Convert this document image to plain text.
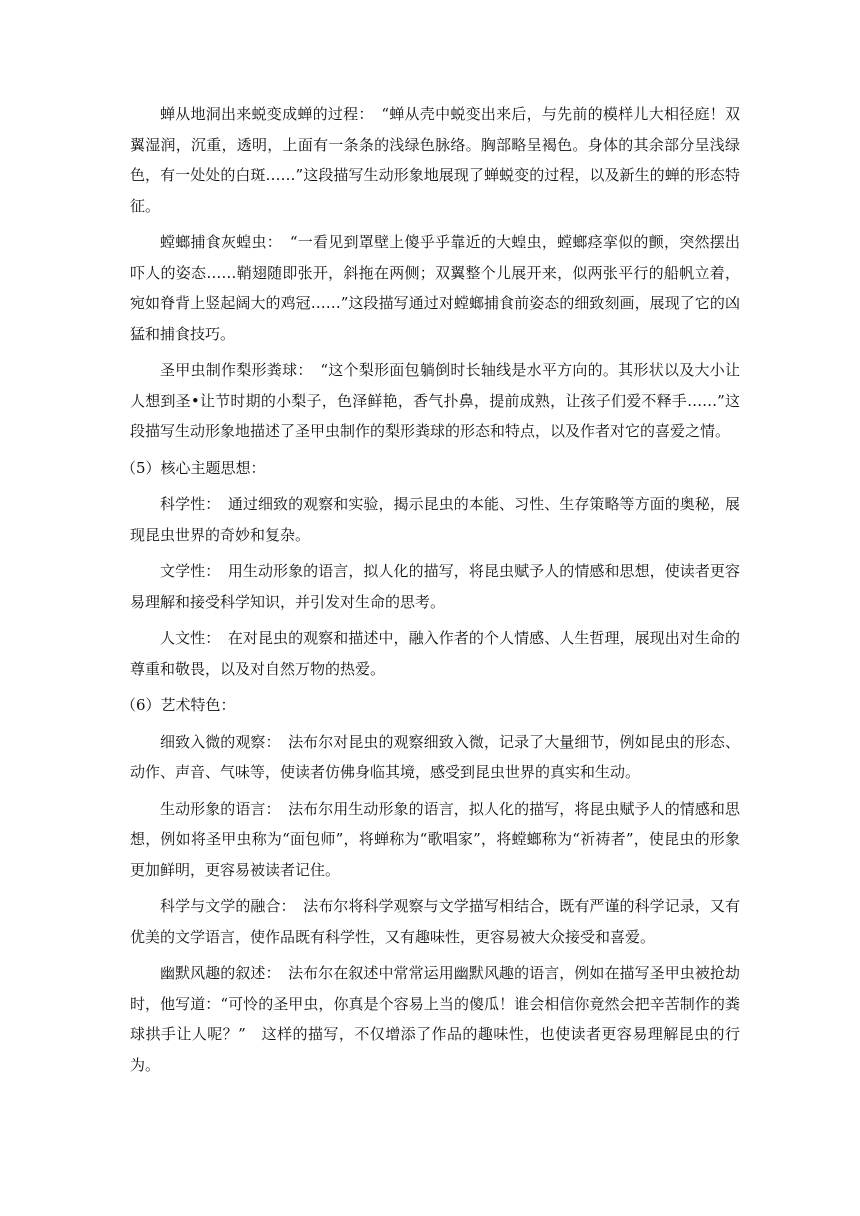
蝉从地洞出来蜕变成蝉的过程：　“蝉从壳中蜕变出来后，与先前的模样儿大相径庭！双翼湿润，沉重，透明，上面有一条条的浅绿色脉络。胸部略呈褐色。身体的其余部分呈浅绿色，有一处处的白斑……”这段描写生动形象地展现了蝉蜕变的过程，以及新生的蝉的形态特征。

螳螂捕食灰蝗虫：　“一看见到罩壁上傻乎乎靠近的大蝗虫，螳螂痉挛似的颤，突然摆出吓人的姿态……鞘翅随即张开，斜拖在两侧；双翼整个儿展开来，似两张平行的船帆立着，宛如脊背上竖起阔大的鸡冠……”这段描写通过对螳螂捕食前姿态的细致刻画，展现了它的凶猛和捕食技巧。

圣甲虫制作梨形粪球：　“这个梨形面包躺倒时长轴线是水平方向的。其形状以及大小让人想到圣•让节时期的小梨子，色泽鲜艳，香气扑鼻，提前成熟，让孩子们爱不释手……”这段描写生动形象地描述了圣甲虫制作的梨形粪球的形态和特点，以及作者对它的喜爱之情。

（5）核心主题思想：

科学性：　通过细致的观察和实验，揭示昆虫的本能、习性、生存策略等方面的奥秘，展现昆虫世界的奇妙和复杂。

文学性：　用生动形象的语言，拟人化的描写，将昆虫赋予人的情感和思想，使读者更容易理解和接受科学知识，并引发对生命的思考。

人文性：　在对昆虫的观察和描述中，融入作者的个人情感、人生哲理，展现出对生命的尊重和敬畏，以及对自然万物的热爱。

（6）艺术特色：

细致入微的观察：　法布尔对昆虫的观察细致入微，记录了大量细节，例如昆虫的形态、动作、声音、气味等，使读者仿佛身临其境，感受到昆虫世界的真实和生动。

生动形象的语言：　法布尔用生动形象的语言，拟人化的描写，将昆虫赋予人的情感和思想，例如将圣甲虫称为“面包师”，将蝉称为“歌唱家”，将螳螂称为“祈祷者”，使昆虫的形象更加鲜明，更容易被读者记住。

科学与文学的融合：　法布尔将科学观察与文学描写相结合，既有严谨的科学记录，又有优美的文学语言，使作品既有科学性，又有趣味性，更容易被大众接受和喜爱。

幽默风趣的叙述：　法布尔在叙述中常常运用幽默风趣的语言，例如在描写圣甲虫被抢劫时，他写道：“可怜的圣甲虫，你真是个容易上当的傻瓜！谁会相信你竟然会把辛苦制作的粪球拱手让人呢？”　这样的描写，不仅增添了作品的趣味性，也使读者更容易理解昆虫的行为。
